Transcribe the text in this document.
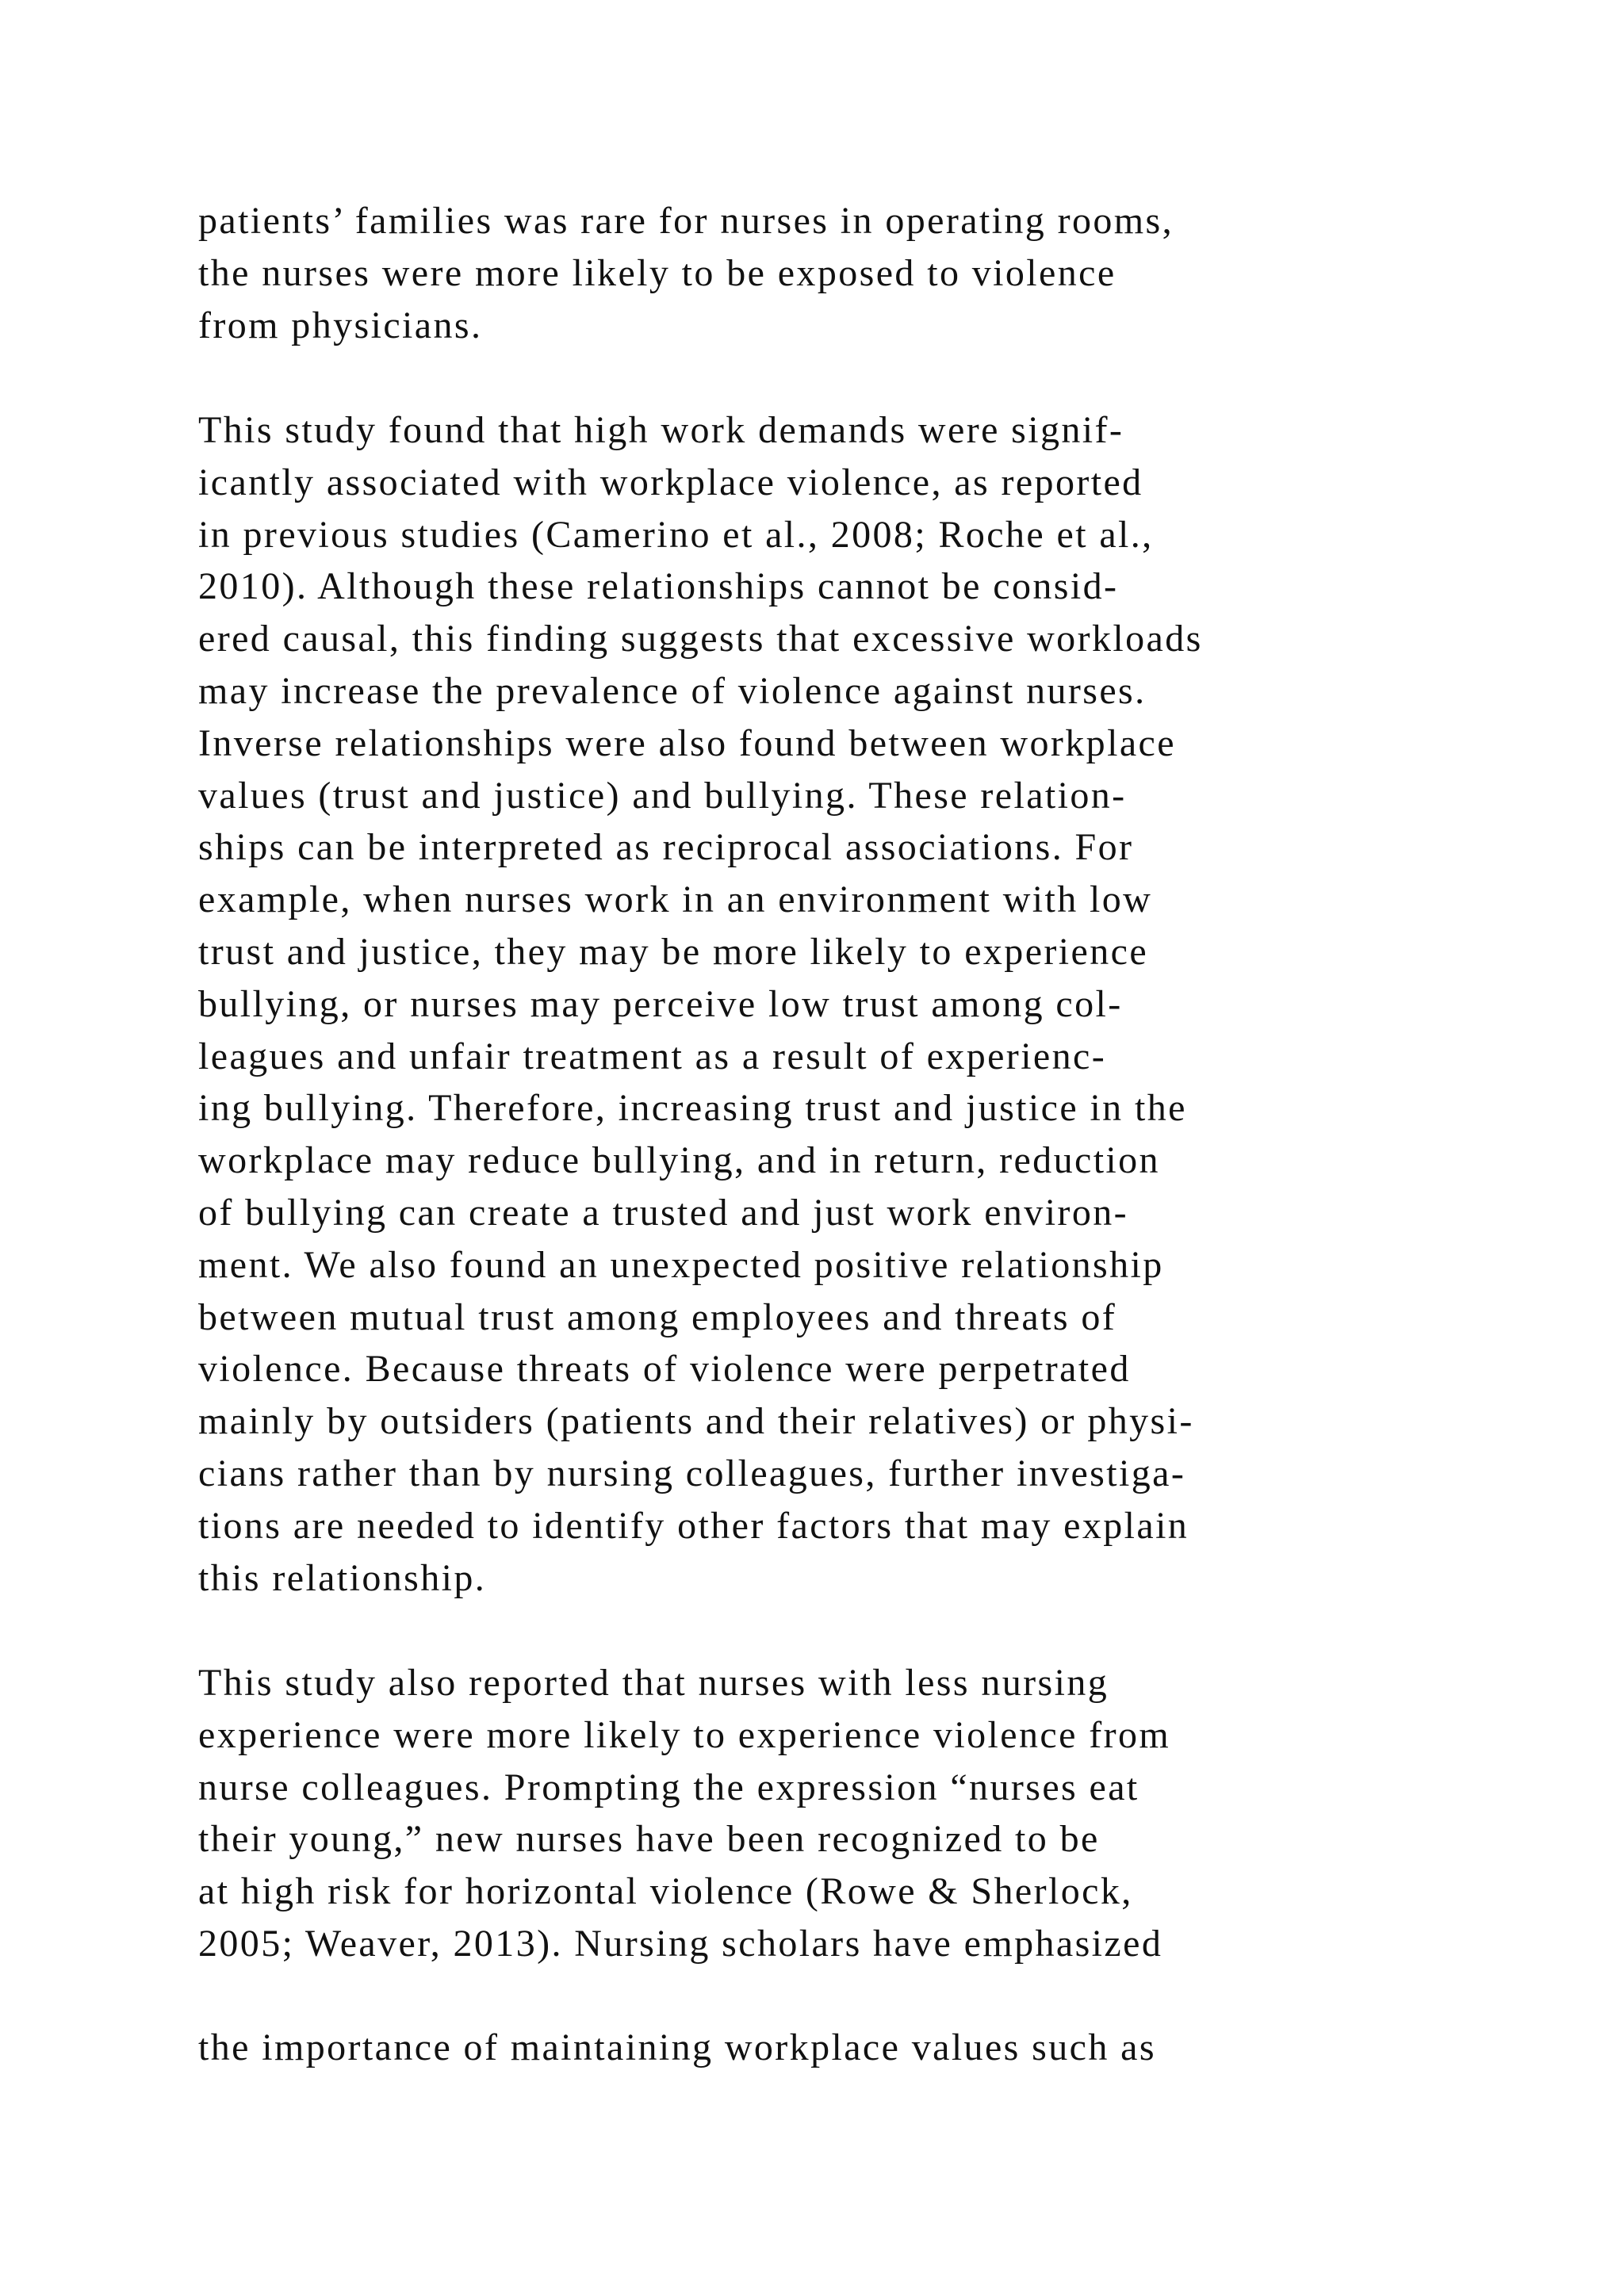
patients’ families was rare for nurses in operating rooms,
the nurses were more likely to be exposed to violence
from physicians.

This study found that high work demands were signif-
icantly associated with workplace violence, as reported
in previous studies (Camerino et al., 2008; Roche et al.,
2010). Although these relationships cannot be consid-
ered causal, this finding suggests that excessive workloads
may increase the prevalence of violence against nurses.
Inverse relationships were also found between workplace
values (trust and justice) and bullying. These relation-
ships can be interpreted as reciprocal associations. For
example, when nurses work in an environment with low
trust and justice, they may be more likely to experience
bullying, or nurses may perceive low trust among col-
leagues and unfair treatment as a result of experienc-
ing bullying. Therefore, increasing trust and justice in the
workplace may reduce bullying, and in return, reduction
of bullying can create a trusted and just work environ-
ment. We also found an unexpected positive relationship
between mutual trust among employees and threats of
violence. Because threats of violence were perpetrated
mainly by outsiders (patients and their relatives) or physi-
cians rather than by nursing colleagues, further investiga-
tions are needed to identify other factors that may explain
this relationship.

This study also reported that nurses with less nursing
experience were more likely to experience violence from
nurse colleagues. Prompting the expression “nurses eat
their young,” new nurses have been recognized to be
at high risk for horizontal violence (Rowe & Sherlock,
2005; Weaver, 2013). Nursing scholars have emphasized

the importance of maintaining workplace values such as
